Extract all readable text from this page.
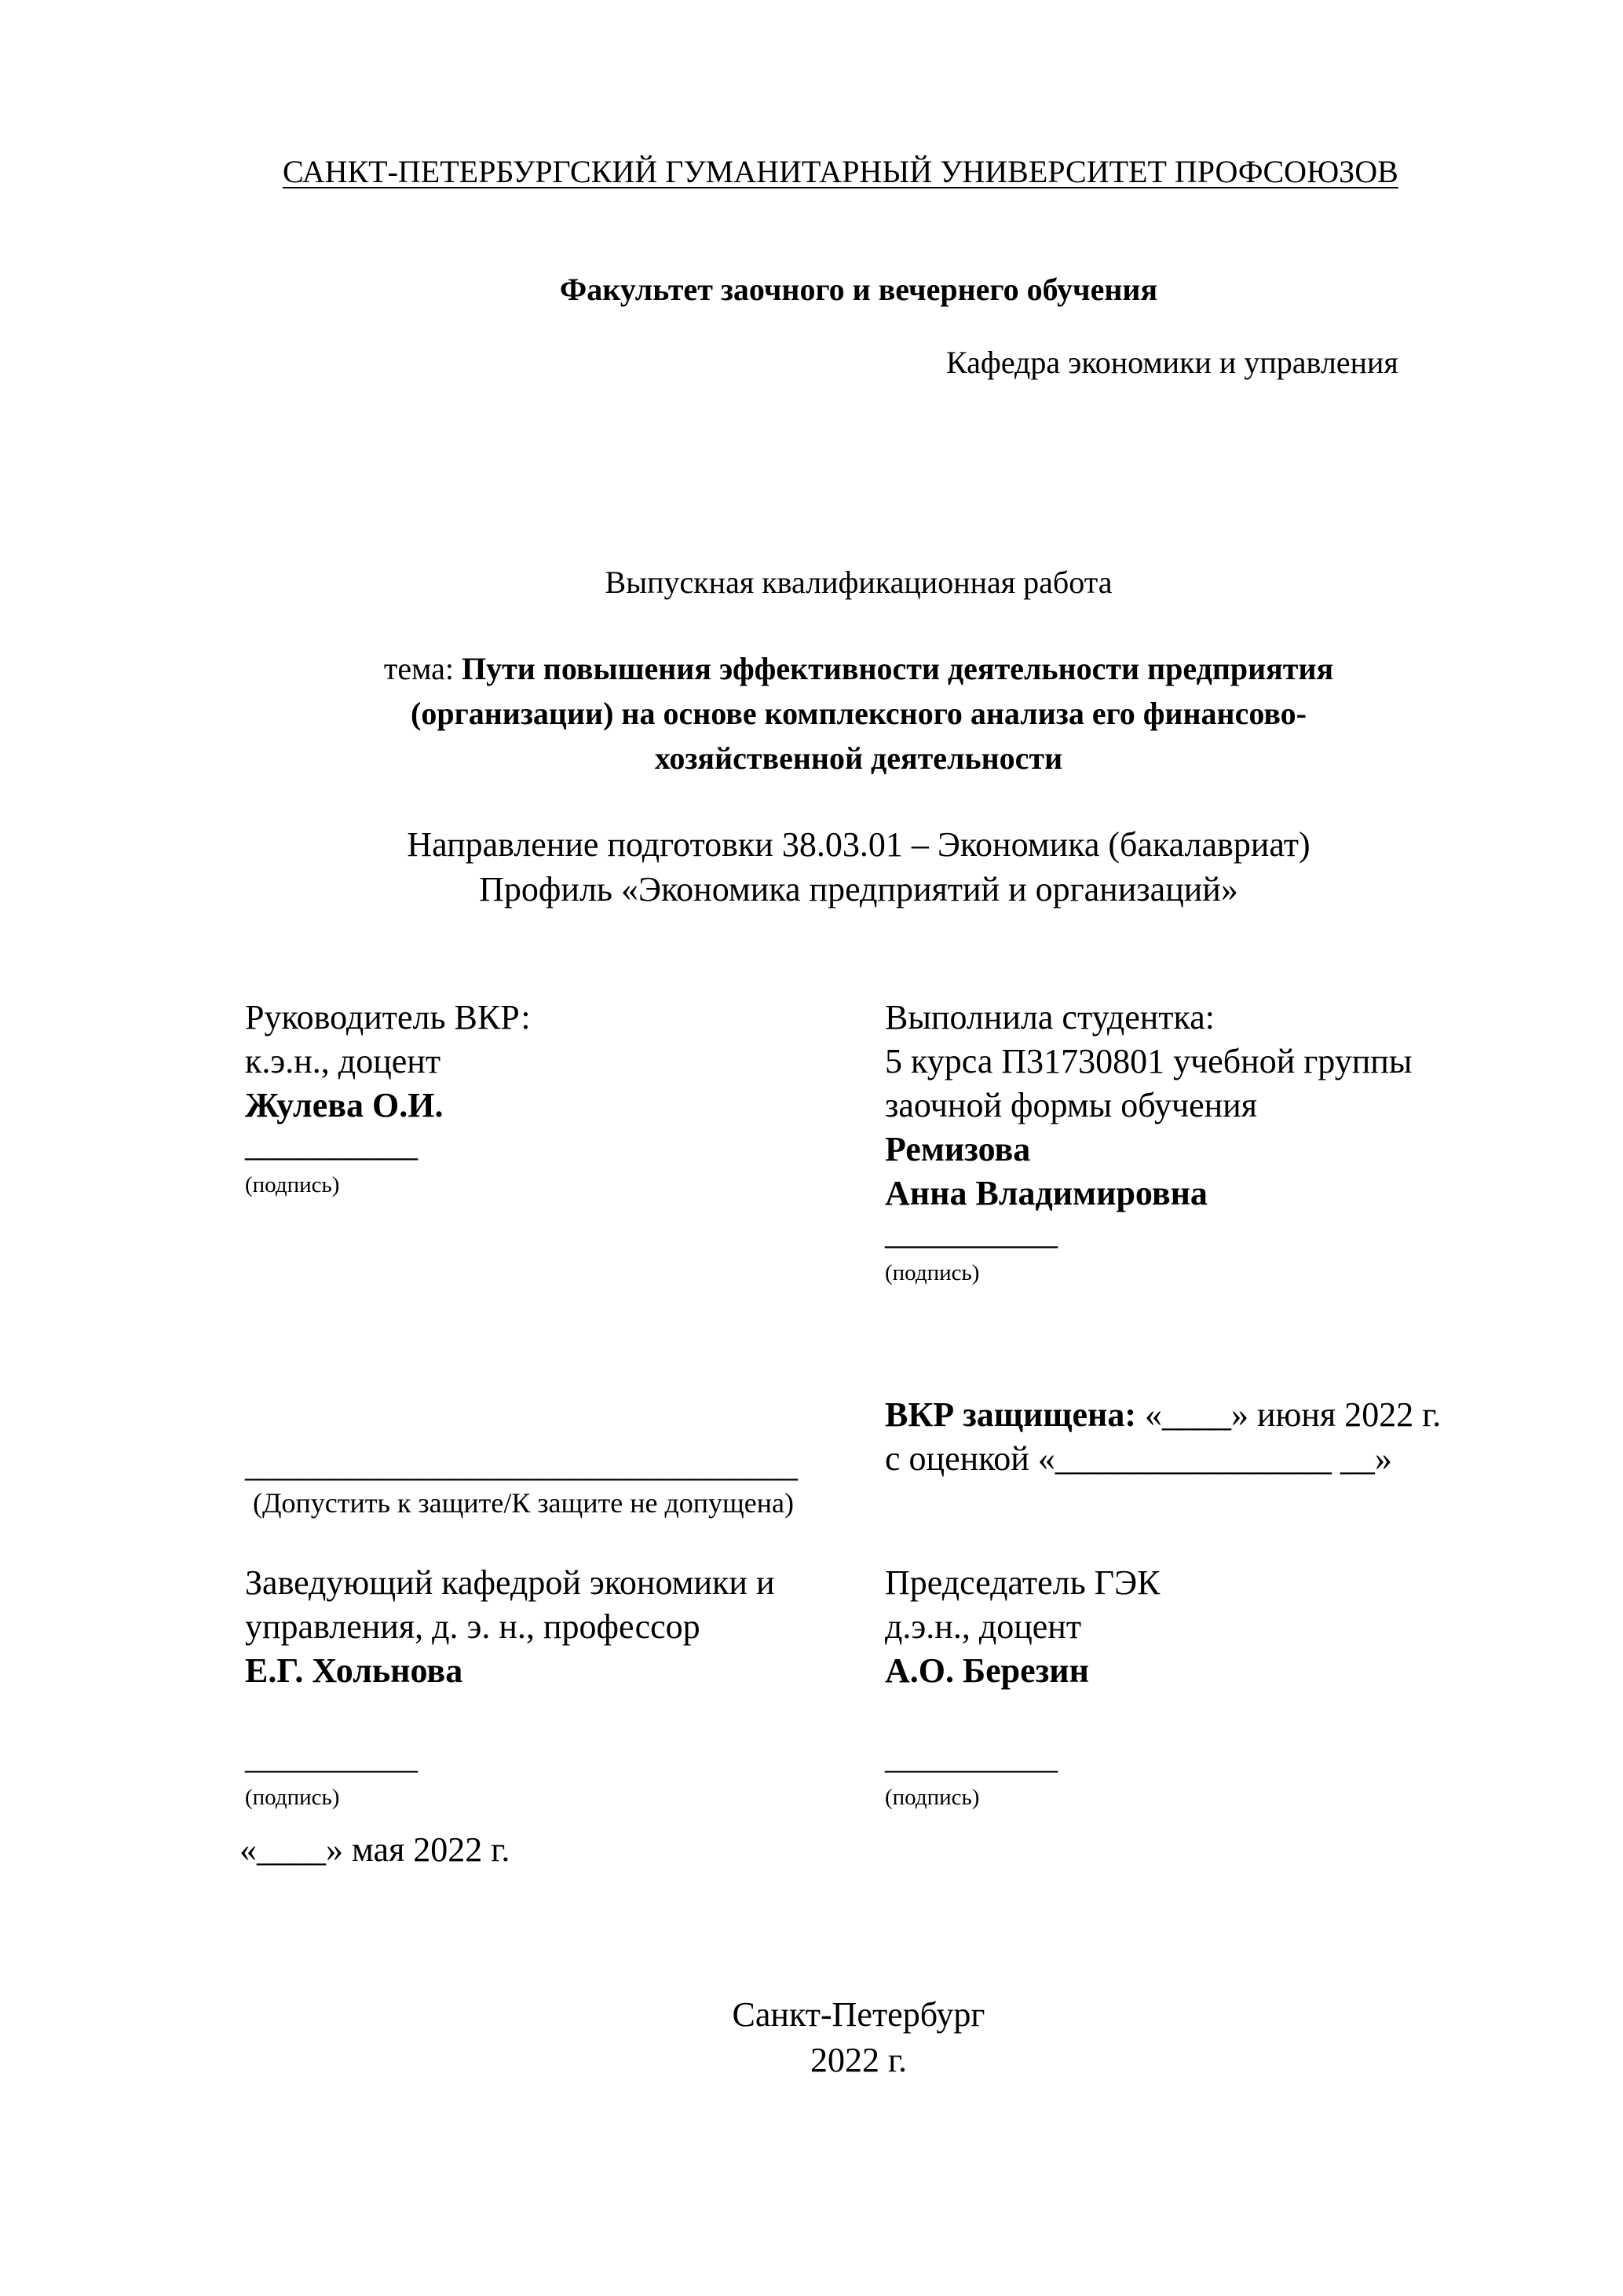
САНКТ-ПЕТЕРБУРГСКИЙ ГУМАНИТАРНЫЙ УНИВЕРСИТЕТ ПРОФСОЮЗОВ
Факультет заочного и вечернего обучения
Кафедра экономики и управления
Выпускная квалификационная работа
тема: Пути повышения эффективности деятельности предприятия
(организации) на основе комплексного анализа его финансово-
хозяйственной деятельности
Направление подготовки 38.03.01 – Экономика (бакалавриат)
Профиль «Экономика предприятий и организаций»
Руководитель ВКР:
к.э.н., доцент
Жулева О.И.
__________
(подпись)
Выполнила студентка:
5 курса П31730801 учебной группы
заочной формы обучения
Ремизова
Анна Владимировна
__________
(подпись)
ВКР защищена: «____» июня 2022 г.
с оценкой «________________ __»
________________________________
(Допустить к защите/К защите не допущена)
Заведующий кафедрой экономики и
управления, д. э. н., профессор
Е.Г. Хольнова
__________
(подпись)
«____» мая 2022 г.
Председатель ГЭК
д.э.н., доцент
А.О. Березин
__________
(подпись)
Санкт-Петербург
2022 г.
